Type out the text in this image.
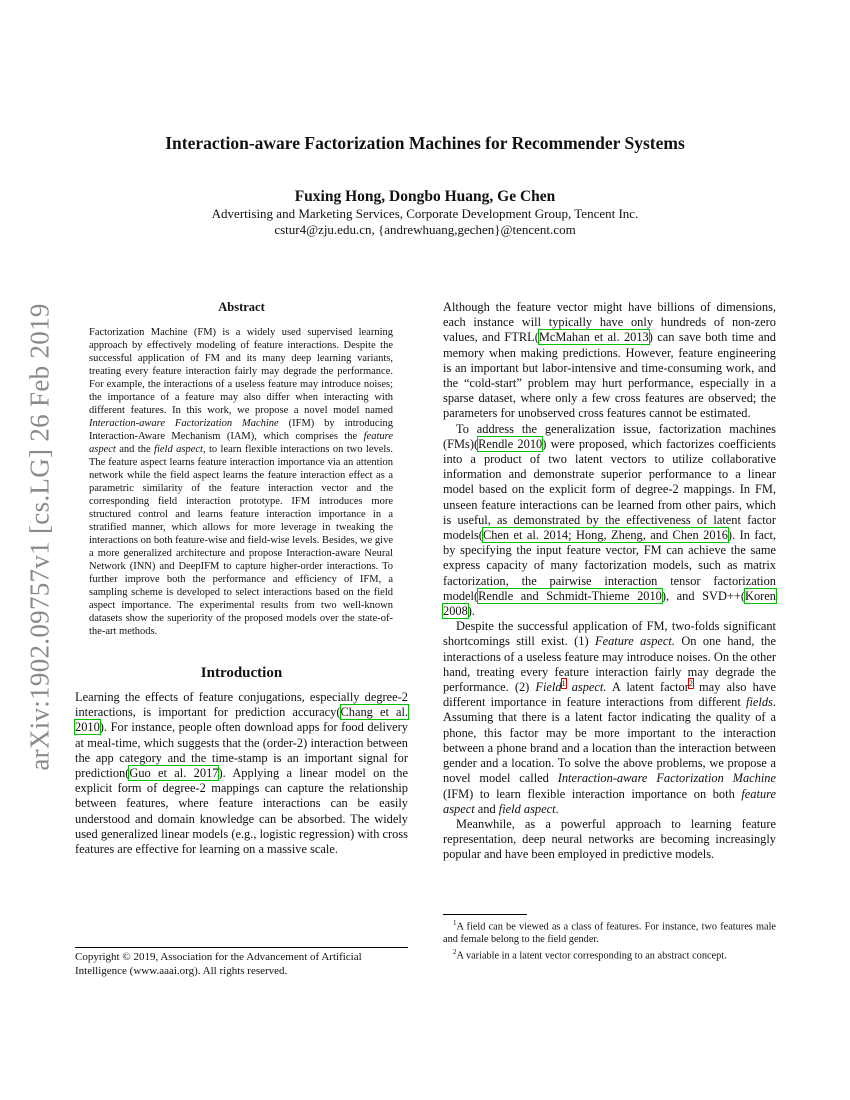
arXiv:1902.09757v1 [cs.LG] 26 Feb 2019
Interaction-aware Factorization Machines for Recommender Systems
Fuxing Hong, Dongbo Huang, Ge Chen
Advertising and Marketing Services, Corporate Development Group, Tencent Inc.
cstur4@zju.edu.cn, {andrewhuang,gechen}@tencent.com
Abstract

Factorization Machine (FM) is a widely used supervised learning approach by effectively modeling of feature interactions. Despite the successful application of FM and its many deep learning variants, treating every feature interaction fairly may degrade the performance. For example, the interactions of a useless feature may introduce noises; the importance of a feature may also differ when interacting with different features. In this work, we propose a novel model named Interaction-aware Factorization Machine (IFM) by introducing Interaction-Aware Mechanism (IAM), which comprises the feature aspect and the field aspect, to learn flexible interactions on two levels. The feature aspect learns feature interaction importance via an attention network while the field aspect learns the feature interaction effect as a parametric similarity of the feature interaction vector and the corresponding field interaction prototype. IFM introduces more structured control and learns feature interaction importance in a stratified manner, which allows for more leverage in tweaking the interactions on both feature-wise and field-wise levels. Besides, we give a more generalized architecture and propose Interaction-aware Neural Network (INN) and DeepIFM to capture higher-order interactions. To further improve both the performance and efficiency of IFM, a sampling scheme is developed to select interactions based on the field aspect importance. The experimental results from two well-known datasets show the superiority of the proposed models over the state-of-the-art methods.

Introduction

Learning the effects of feature conjugations, especially degree-2 interactions, is important for prediction accuracy(Chang et al. 2010). For instance, people often download apps for food delivery at meal-time, which suggests that the (order-2) interaction between the app category and the time-stamp is an important signal for prediction(Guo et al. 2017). Applying a linear model on the explicit form of degree-2 mappings can capture the relationship between features, where feature interactions can be easily understood and domain knowledge can be absorbed. The widely used generalized linear models (e.g., logistic regression) with cross features are effective for learning on a massive scale.

Copyright © 2019, Association for the Advancement of Artificial Intelligence (www.aaai.org). All rights reserved.

Although the feature vector might have billions of dimensions, each instance will typically have only hundreds of non-zero values, and FTRL(McMahan et al. 2013) can save both time and memory when making predictions. However, feature engineering is an important but labor-intensive and time-consuming work, and the “cold-start” problem may hurt performance, especially in a sparse dataset, where only a few cross features are observed; the parameters for unobserved cross features cannot be estimated.

To address the generalization issue, factorization machines (FMs)(Rendle 2010) were proposed, which factorizes coefficients into a product of two latent vectors to utilize collaborative information and demonstrate superior performance to a linear model based on the explicit form of degree-2 mappings. In FM, unseen feature interactions can be learned from other pairs, which is useful, as demonstrated by the effectiveness of latent factor models(Chen et al. 2014; Hong, Zheng, and Chen 2016). In fact, by specifying the input feature vector, FM can achieve the same express capacity of many factorization models, such as matrix factorization, the pairwise interaction tensor factorization model(Rendle and Schmidt-Thieme 2010), and SVD++(Koren 2008).

Despite the successful application of FM, two-folds significant shortcomings still exist. (1) Feature aspect. On one hand, the interactions of a useless feature may introduce noises. On the other hand, treating every feature interaction fairly may degrade the performance. (2) Field$^1$ aspect. A latent factor$^2$ may also have different importance in feature interactions from different fields. Assuming that there is a latent factor indicating the quality of a phone, this factor may be more important to the interaction between a phone brand and a location than the interaction between gender and a location. To solve the above problems, we propose a novel model called Interaction-aware Factorization Machine (IFM) to learn flexible interaction importance on both feature aspect and field aspect.

Meanwhile, as a powerful approach to learning feature representation, deep neural networks are becoming increasingly popular and have been employed in predictive models.

$^1$A field can be viewed as a class of features. For instance, two features male and female belong to the field gender.

$^2$A variable in a latent vector corresponding to an abstract concept.
